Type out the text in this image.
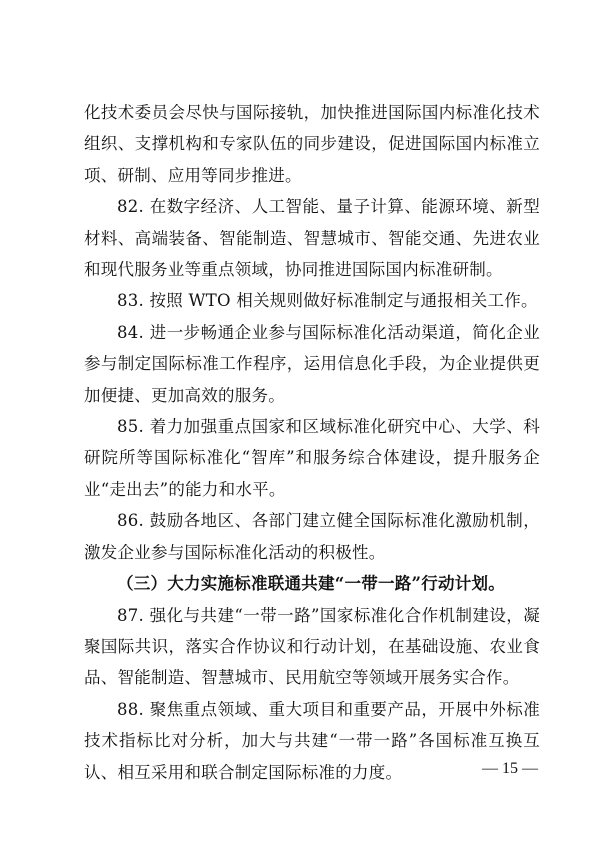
化技术委员会尽快与国际接轨，加快推进国际国内标准化技术组织、支撑机构和专家队伍的同步建设，促进国际国内标准立项、研制、应用等同步推进。

82. 在数字经济、人工智能、量子计算、能源环境、新型材料、高端装备、智能制造、智慧城市、智能交通、先进农业和现代服务业等重点领域，协同推进国际国内标准研制。

83. 按照 WTO 相关规则做好标准制定与通报相关工作。

84. 进一步畅通企业参与国际标准化活动渠道，简化企业参与制定国际标准工作程序，运用信息化手段，为企业提供更加便捷、更加高效的服务。

85. 着力加强重点国家和区域标准化研究中心、大学、科研院所等国际标准化“智库”和服务综合体建设，提升服务企业“走出去”的能力和水平。

86. 鼓励各地区、各部门建立健全国际标准化激励机制，激发企业参与国际标准化活动的积极性。

（三）大力实施标准联通共建“一带一路”行动计划。

87. 强化与共建“一带一路”国家标准化合作机制建设，凝聚国际共识，落实合作协议和行动计划，在基础设施、农业食品、智能制造、智慧城市、民用航空等领域开展务实合作。

88. 聚焦重点领域、重大项目和重要产品，开展中外标准技术指标比对分析，加大与共建“一带一路”各国标准互换互认、相互采用和联合制定国际标准的力度。	— 15 —
